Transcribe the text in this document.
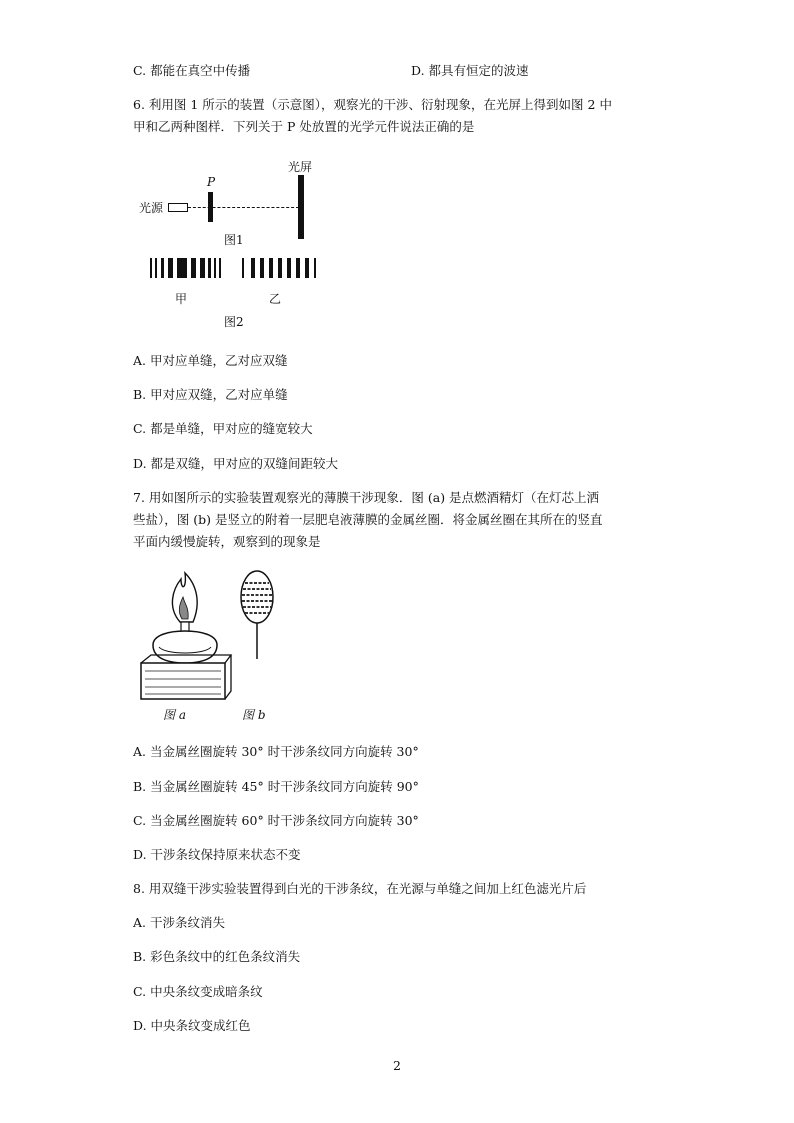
C. 都能在真空中传播	D. 都具有恒定的波速
6. 利用图 1 所示的装置（示意图），观察光的干涉、衍射现象，在光屏上得到如图 2 中
甲和乙两种图样．下列关于 P 处放置的光学元件说法正确的是
光源
P
光屏
图1
甲	乙
图2
A. 甲对应单缝，乙对应双缝
B. 甲对应双缝，乙对应单缝
C. 都是单缝，甲对应的缝宽较大
D. 都是双缝，甲对应的双缝间距较大
7. 用如图所示的实验装置观察光的薄膜干涉现象．图 (a) 是点燃酒精灯（在灯芯上洒
些盐），图 (b) 是竖立的附着一层肥皂液薄膜的金属丝圈．将金属丝圈在其所在的竖直
平面内缓慢旋转，观察到的现象是
图 a	图 b
A. 当金属丝圈旋转 30° 时干涉条纹同方向旋转 30°
B. 当金属丝圈旋转 45° 时干涉条纹同方向旋转 90°
C. 当金属丝圈旋转 60° 时干涉条纹同方向旋转 30°
D. 干涉条纹保持原来状态不变
8. 用双缝干涉实验装置得到白光的干涉条纹，在光源与单缝之间加上红色滤光片后
A. 干涉条纹消失
B. 彩色条纹中的红色条纹消失
C. 中央条纹变成暗条纹
D. 中央条纹变成红色
2
